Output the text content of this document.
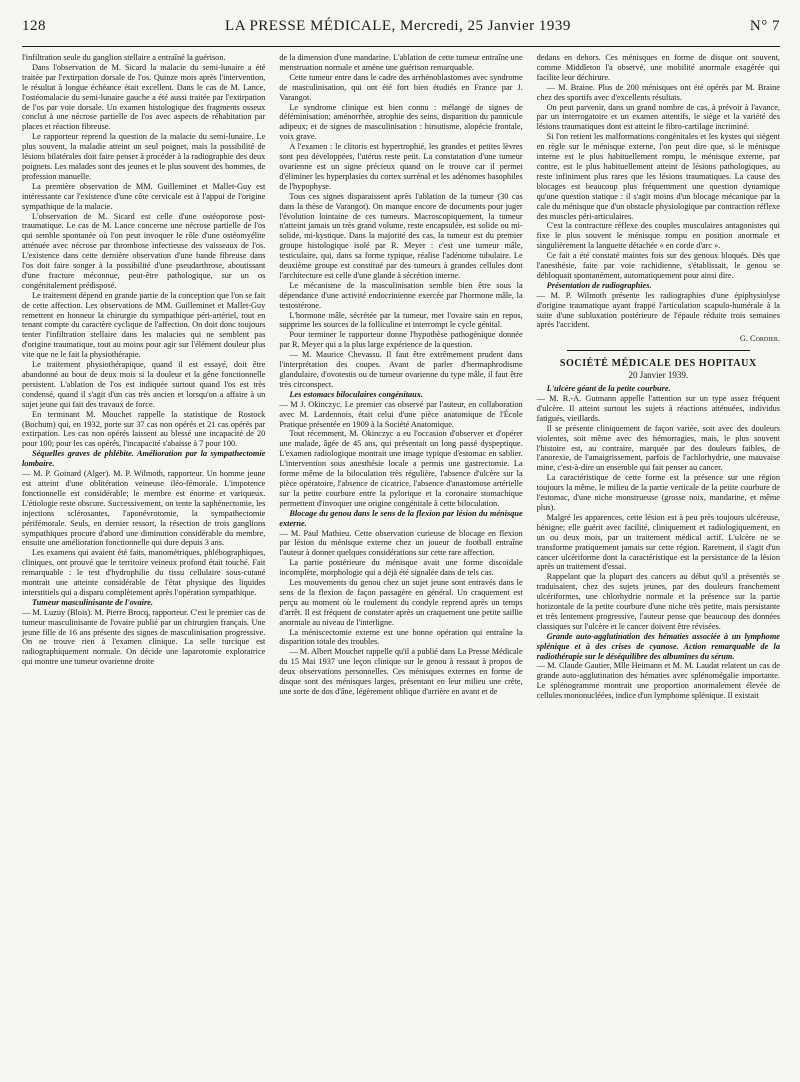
128	LA PRESSE MÉDICALE, Mercredi, 25 Janvier 1939	N° 7

l'infiltration seule du ganglion stellaire a entraîné la guérison.

Dans l'observation de M. Sicard la malacie du semi-lunaire a été traitée par l'extirpation dorsale de l'os. Quinze mois après l'intervention, le résultat à longue échéance était excellent. Dans le cas de M. Lance, l'ostéomalacie du semi-lunaire gauche a été aussi traitée par l'extirpation de l'os par voie dorsale. Un examen histologique des fragments osseux conclut à une nécrose partielle de l'os avec aspects de réhabitation par places et réaction fibreuse.

Le rapporteur reprend la question de la malacie du semi-lunaire. Le plus souvent, la maladie atteint un seul poignet, mais la possibilité de lésions bilatérales doit faire penser à procéder à la radiographie des deux poignets. Les malades sont des jeunes et le plus souvent des hommes, de profession manuelle.

La première observation de MM. Guilleminet et Mallet-Guy est intéressante car l'existence d'une côte cervicale est à l'appui de l'origine sympathique de la malacie.

L'observation de M. Sicard est celle d'une ostéoporose post-traumatique. Le cas de M. Lance concerne une nécrose partielle de l'os qui semble spontanée où l'on peut invoquer le rôle d'une ostéomyélite atténuée avec nécrose par thrombose infectieuse des vaisseaux de l'os. L'existence dans cette dernière observation d'une bande fibreuse dans l'os doit faire songer à la possibilité d'une pseudarthrose, aboutissant d'une fracture méconnue, peut-être pathologique, sur un os congénitalement prédisposé.

Le traitement dépend en grande partie de la conception que l'on se fait de cette affection. Les observations de MM. Guilleminet et Mallet-Guy remettent en honneur la chirurgie du sympathique péri-artériel, tout en tenant compte du caractère cyclique de l'affection. On doit donc toujours tenter l'infiltration stellaire dans les malacies qui ne semblent pas d'origine traumatique, tout au moins pour agir sur l'élément douleur plus vite que ne le fait la physiothérapie.

Le traitement physiothérapique, quand il est essayé, doit être abandonné au bout de deux mois si la douleur et la gêne fonctionnelle persistent. L'ablation de l'os est indiquée surtout quand l'os est très condensé, quand il s'agit d'un cas très ancien et lorsqu'on a affaire à un sujet jeune qui fait des travaux de force.

En terminant M. Mouchet rappelle la statistique de Rostock (Bochum) qui, en 1932, porte sur 37 cas non opérés et 21 cas opérés par extirpation. Les cas non opérés laissent au blessé une incapacité de 20 pour 100; pour les cas opérés, l'incapacité s'abaisse à 7 pour 100.

Séquelles graves de phlébite. Amélioration par la sympathectomie lombaire.

— M. P. Goinard (Alger). M. P. Wilmoth, rapporteur. Un homme jeune est atteint d'une oblitération veineuse iléo-fémorale. L'impotence fonctionnelle est considérable; le membre est énorme et variqueux. L'étiologie reste obscure. Successivement, on tente la saphénectomie, les injections sclérosantes, l'aponévrotomie, la sympathectomie périfémorale. Seuls, en dernier ressort, la résection de trois ganglions sympathiques procure d'abord une diminution considérable du membre, ensuite une amélioration fonctionnelle qui dure depuis 3 ans.

Les examens qui avaient été faits, manométriques, phlébographiques, cliniques, ont prouvé que le territoire veineux profond était touché. Fait remarquable : le test d'hydrophilie du tissu cellulaire sous-cutané montrait une atteinte considérable de l'état physique des liquides interstitiels qui a disparu complètement après l'opération sympathique.

Tumeur masculinisante de l'ovaire.

— M. Luzuy (Blois). M. Pierre Brocq, rapporteur. C'est le premier cas de tumeur masculinisante de l'ovaire publié par un chirurgien français. Une jeune fille de 16 ans présente des signes de masculinisation progressive. On ne trouve rien à l'examen clinique. La selle turcique est radiographiquement normale. On décide une laparotomie exploratrice qui montre une tumeur ovarienne droite

de la dimension d'une mandarine. L'ablation de cette tumeur entraîne une menstruation normale et amène une guérison remarquable.

Cette tumeur entre dans le cadre des arrhénoblastomes avec syndrome de masculinisation, qui ont été fort bien étudiés en France par J. Varangot.

Le syndrome clinique est bien connu : mélange de signes de déféminisation; aménorrhée, atrophie des seins, disparition du pannicule adipeux; et de signes de masculinisation : hirsutisme, alopécie frontale, voix grave.

A l'examen : le clitoris est hypertrophié, les grandes et petites lèvres sont peu développées, l'utérus reste petit. La constatation d'une tumeur ovarienne est un signe précieux quand on le trouve car il permet d'éliminer les hyperplasies du cortex surrénal et les adénomes basophiles de l'hypophyse.

Tous ces signes disparaissent après l'ablation de la tumeur (30 cas dans la thèse de Varangot). On manque encore de documents pour juger l'évolution lointaine de ces tumeurs. Macroscopiquement, la tumeur n'atteint jamais un très grand volume, reste encapsulée, est solide ou mi-solide, mi-kystique. Dans la majorité des cas, la tumeur est du premier groupe histologique isolé par R. Meyer : c'est une tumeur mâle, testiculaire, qui, dans sa forme typique, réalise l'adénome tubulaire. Le deuxième groupe est constitué par des tumeurs à grandes cellules dont l'architecture est celle d'une glande à sécrétion interne.

Le mécanisme de la masculinisation semble bien être sous la dépendance d'une activité endocrinienne exercée par l'hormone mâle, la testostérone.

L'hormone mâle, sécrétée par la tumeur, met l'ovaire sain en repos, supprime les sources de la folliculine et interrompt le cycle génital.

Pour terminer le rapporteur donne l'hypothèse pathogénique donnée par R. Meyer qui a la plus large expérience de la question.

— M. Maurice Chevassu. Il faut être extrêmement prudent dans l'interprétation des coupes. Avant de parler d'hermaphrodisme glandulaire, d'ovotestis ou de tumeur ovarienne du type mâle, il faut être très circonspect.

Les estomacs biloculaires congénitaux.

— M J. Okinczyc. Le premier cas observé par l'auteur, en collaboration avec M. Lardennois, était celui d'une pièce anatomique de l'École Pratique présentée en 1909 à la Société Anatomique.

Tout récemment, M. Okinczyc a eu l'occasion d'observer et d'opérer une malade, âgée de 45 ans, qui présentait un long passé dyspeptique. L'examen radiologique montrait une image typique d'estomac en sablier. L'intervention sous anesthésie locale a permis une gastrectomie. La forme même de la biloculation très régulière, l'absence d'ulcère sur la pièce opératoire, l'absence de cicatrice, l'absence d'anastomose artérielle sur la petite courbure entre la pylorique et la coronaire stomachique permettent d'invoquer une origine congénitale à cette biloculation.

Blocage du genou dans le sens de la flexion par lésion du ménisque externe.

— M. Paul Mathieu. Cette observation curieuse de blocage en flexion par lésion du ménisque externe chez un joueur de football entraîne l'auteur à donner quelques considérations sur cette rare affection.

La partie postérieure du ménisque avait une forme discoïdale incomplète, morphologie qui a déjà été signalée dans de tels cas.

Les mouvements du genou chez un sujet jeune sont entravés dans le sens de la flexion de façon passagère en général. Un craquement est perçu au moment où le roulement du condyle reprend après un temps d'arrêt. Il est fréquent de constater après un craquement une petite saillie anormale au niveau de l'interligne.

La méniscectomie externe est une bonne opération qui entraîne la disparition totale des troubles.

— M. Albert Mouchet rappelle qu'il a publié dans La Presse Médicale du 15 Mai 1937 une leçon clinique sur le genou à ressaut à propos de deux observations personnelles. Ces ménisques externes en forme de disque sont des ménisques larges, présentant en leur milieu une crête, une sorte de dos d'âne, légèrement oblique d'arrière en avant et de

dedans en dehors. Ces ménisques en forme de disque ont souvent, comme Middleton l'a observé, une mobilité anormale exagérée qui facilite leur déchirure.

— M. Braine. Plus de 200 ménisques ont été opérés par M. Braine chez des sportifs avec d'excellents résultats.

On peut parvenir, dans un grand nombre de cas, à prévoir à l'avance, par un interrogatoire et un examen attentifs, le siège et la variété des lésions traumatiques dont est atteint le fibro-cartilage incriminé.

Si l'on retient les malformations congénitales et les kystes qui siègent en règle sur le ménisque externe, l'on peut dire que, si le ménisque interne est le plus habituellement rompu, le ménisque externe, par contre, est le plus habituellement atteint de lésions pathologiques, au reste infiniment plus rares que les lésions traumatiques. La cause des blocages est beaucoup plus fréquemment une question dynamique qu'une question statique : il s'agit moins d'un blocage mécanique par la cale du ménisque que d'un obstacle physiologique par contraction réflexe des muscles péri-articulaires.

C'est la contracture réflexe des couples musculaires antagonistes qui fixe le plus souvent le ménisque rompu en position anormale et singulièrement la languette détachée « en corde d'arc ».

Ce fait a été constaté maintes fois sur des genoux bloqués. Dès que l'anesthésie, faite par voie rachidienne, s'établissait, le genou se débloquait spontanément, automatiquement pour ainsi dire.

Présentation de radiographies.

— M. P. Wilmoth présente les radiographies d'une épiphysiolyse d'origine traumatique ayant frappé l'articulation scapulo-humérale à la suite d'une subluxation postérieure de l'épaule réduite trois semaines après l'accident.

G. Cordier.
SOCIÉTÉ MÉDICALE DES HOPITAUX
20 Janvier 1939.

L'ulcère géant de la petite courbure.

— M. R.-A. Gutmann appelle l'attention sur un type assez fréquent d'ulcère. Il atteint surtout les sujets à réactions atténuées, individus fatigués, vieillards.

Il se présente cliniquement de façon variée, soit avec des douleurs violentes, soit même avec des hémorragies, mais, le plus souvent l'histoire est, au contraire, marquée par des douleurs faibles, de l'anorexie, de l'amaigrissement, parfois de l'achlorhydrie, une mauvaise mine, c'est-à-dire un ensemble qui fait penser au cancer.

La caractéristique de cette forme est la présence sur une région toujours la même, le milieu de la partie verticale de la petite courbure de l'estomac, d'une niche monstrueuse (grosse noix, mandarine, et même plus).

Malgré les apparences, cette lésion est à peu près toujours ulcéreuse, bénigne; elle guérit avec facilité, cliniquement et radiologiquement, en un ou deux mois, par un traitement médical actif. L'ulcère ne se transforme pratiquement jamais sur cette région. Rarement, il s'agit d'un cancer ulcériforme dont la caractéristique est la persistance de la lésion après un traitement d'essai.

Rappelant que la plupart des cancers au début qu'il a présentés se traduisaient, chez des sujets jeunes, par des douleurs franchement ulcériformes, une chlorhydrie normale et la présence sur la partie horizontale de la petite courbure d'une niche très petite, mais persistante et très lentement progressive, l'auteur pense que beaucoup des données classiques sur l'ulcère et le cancer doivent être révisées.

Grande auto-agglutination des hématies associée à un lymphome splénique et à des crises de cyanose. Action remarquable de la radiothérapie sur le déséquilibre des albumines du sérum.

— M. Claude Gautier, Mlle Heimann et M. M. Laudat relatent un cas de grande auto-agglutination des hématies avec splénomégalie importante. Le splénogramme montrait une proportion anormalement élevée de cellules mononucléées, indice d'un lymphome splénique. Il existait
